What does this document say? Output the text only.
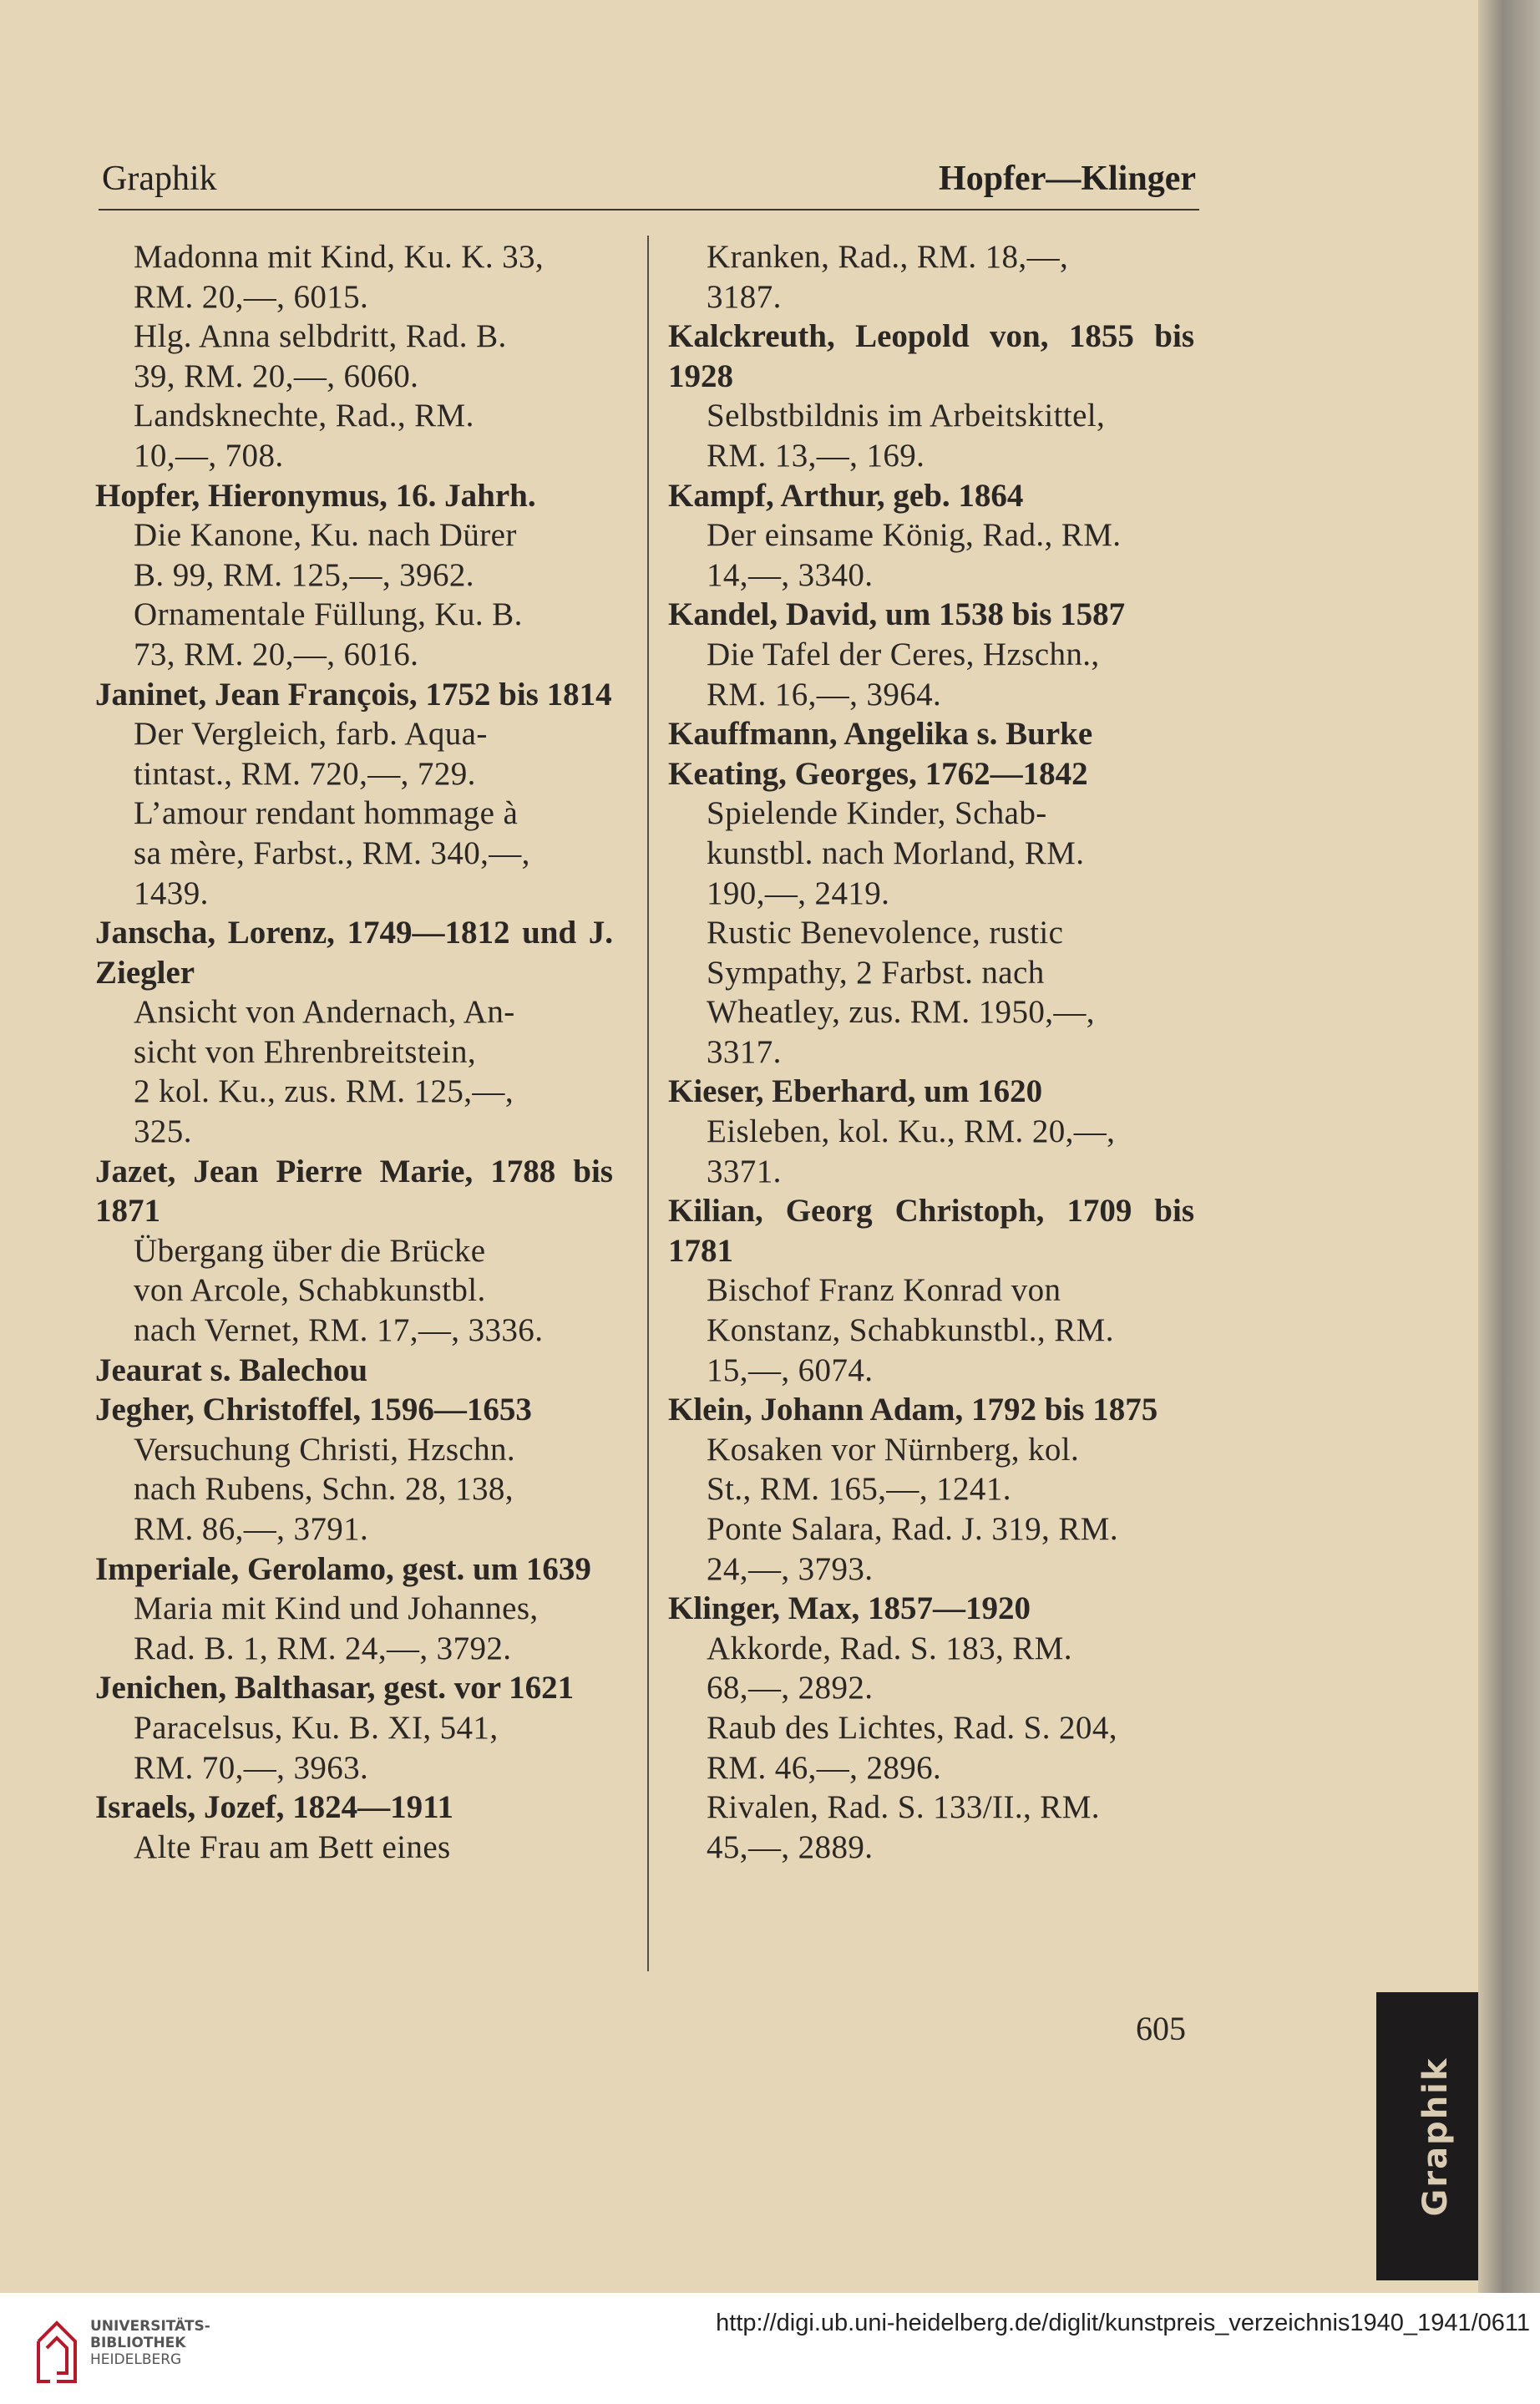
Graphik	Hopfer—Klinger
Madonna mit Kind, Ku. K. 33,
RM. 20,—, 6015.
Hlg. Anna selbdritt, Rad. B.
39, RM. 20,—, 6060.
Landsknechte, Rad., RM.
10,—, 708.
Hopfer, Hieronymus, 16. Jahrh.
Die Kanone, Ku. nach Dürer
B. 99, RM. 125,—, 3962.
Ornamentale Füllung, Ku. B.
73, RM. 20,—, 6016.
Janinet, Jean François, 1752 bis 1814
Der Vergleich, farb. Aqua-
tintast., RM. 720,—, 729.
L’amour rendant hommage à
sa mère, Farbst., RM. 340,—,
1439.
Janscha, Lorenz, 1749—1812 und J. Ziegler
Ansicht von Andernach, An-
sicht von Ehrenbreitstein,
2 kol. Ku., zus. RM. 125,—,
325.
Jazet, Jean Pierre Marie, 1788 bis 1871
Übergang über die Brücke
von Arcole, Schabkunstbl.
nach Vernet, RM. 17,—, 3336.
Jeaurat s. Balechou
Jegher, Christoffel, 1596—1653
Versuchung Christi, Hzschn.
nach Rubens, Schn. 28, 138,
RM. 86,—, 3791.
Imperiale, Gerolamo, gest. um 1639
Maria mit Kind und Johannes,
Rad. B. 1, RM. 24,—, 3792.
Jenichen, Balthasar, gest. vor 1621
Paracelsus, Ku. B. XI, 541,
RM. 70,—, 3963.
Israels, Jozef, 1824—1911
Alte Frau am Bett eines
Kranken, Rad., RM. 18,—,
3187.
Kalckreuth, Leopold von, 1855 bis 1928
Selbstbildnis im Arbeitskittel,
RM. 13,—, 169.
Kampf, Arthur, geb. 1864
Der einsame König, Rad., RM.
14,—, 3340.
Kandel, David, um 1538 bis 1587
Die Tafel der Ceres, Hzschn.,
RM. 16,—, 3964.
Kauffmann, Angelika s. Burke
Keating, Georges, 1762—1842
Spielende Kinder, Schab-
kunstbl. nach Morland, RM.
190,—, 2419.
Rustic Benevolence, rustic
Sympathy, 2 Farbst. nach
Wheatley, zus. RM. 1950,—,
3317.
Kieser, Eberhard, um 1620
Eisleben, kol. Ku., RM. 20,—,
3371.
Kilian, Georg Christoph, 1709 bis 1781
Bischof Franz Konrad von
Konstanz, Schabkunstbl., RM.
15,—, 6074.
Klein, Johann Adam, 1792 bis 1875
Kosaken vor Nürnberg, kol.
St., RM. 165,—, 1241.
Ponte Salara, Rad. J. 319, RM.
24,—, 3793.
Klinger, Max, 1857—1920
Akkorde, Rad. S. 183, RM.
68,—, 2892.
Raub des Lichtes, Rad. S. 204,
RM. 46,—, 2896.
Rivalen, Rad. S. 133/II., RM.
45,—, 2889.
605
Graphik
UNIVERSITÄTS-
BIBLIOTHEK
HEIDELBERG
http://digi.ub.uni-heidelberg.de/diglit/kunstpreis_verzeichnis1940_1941/0611
